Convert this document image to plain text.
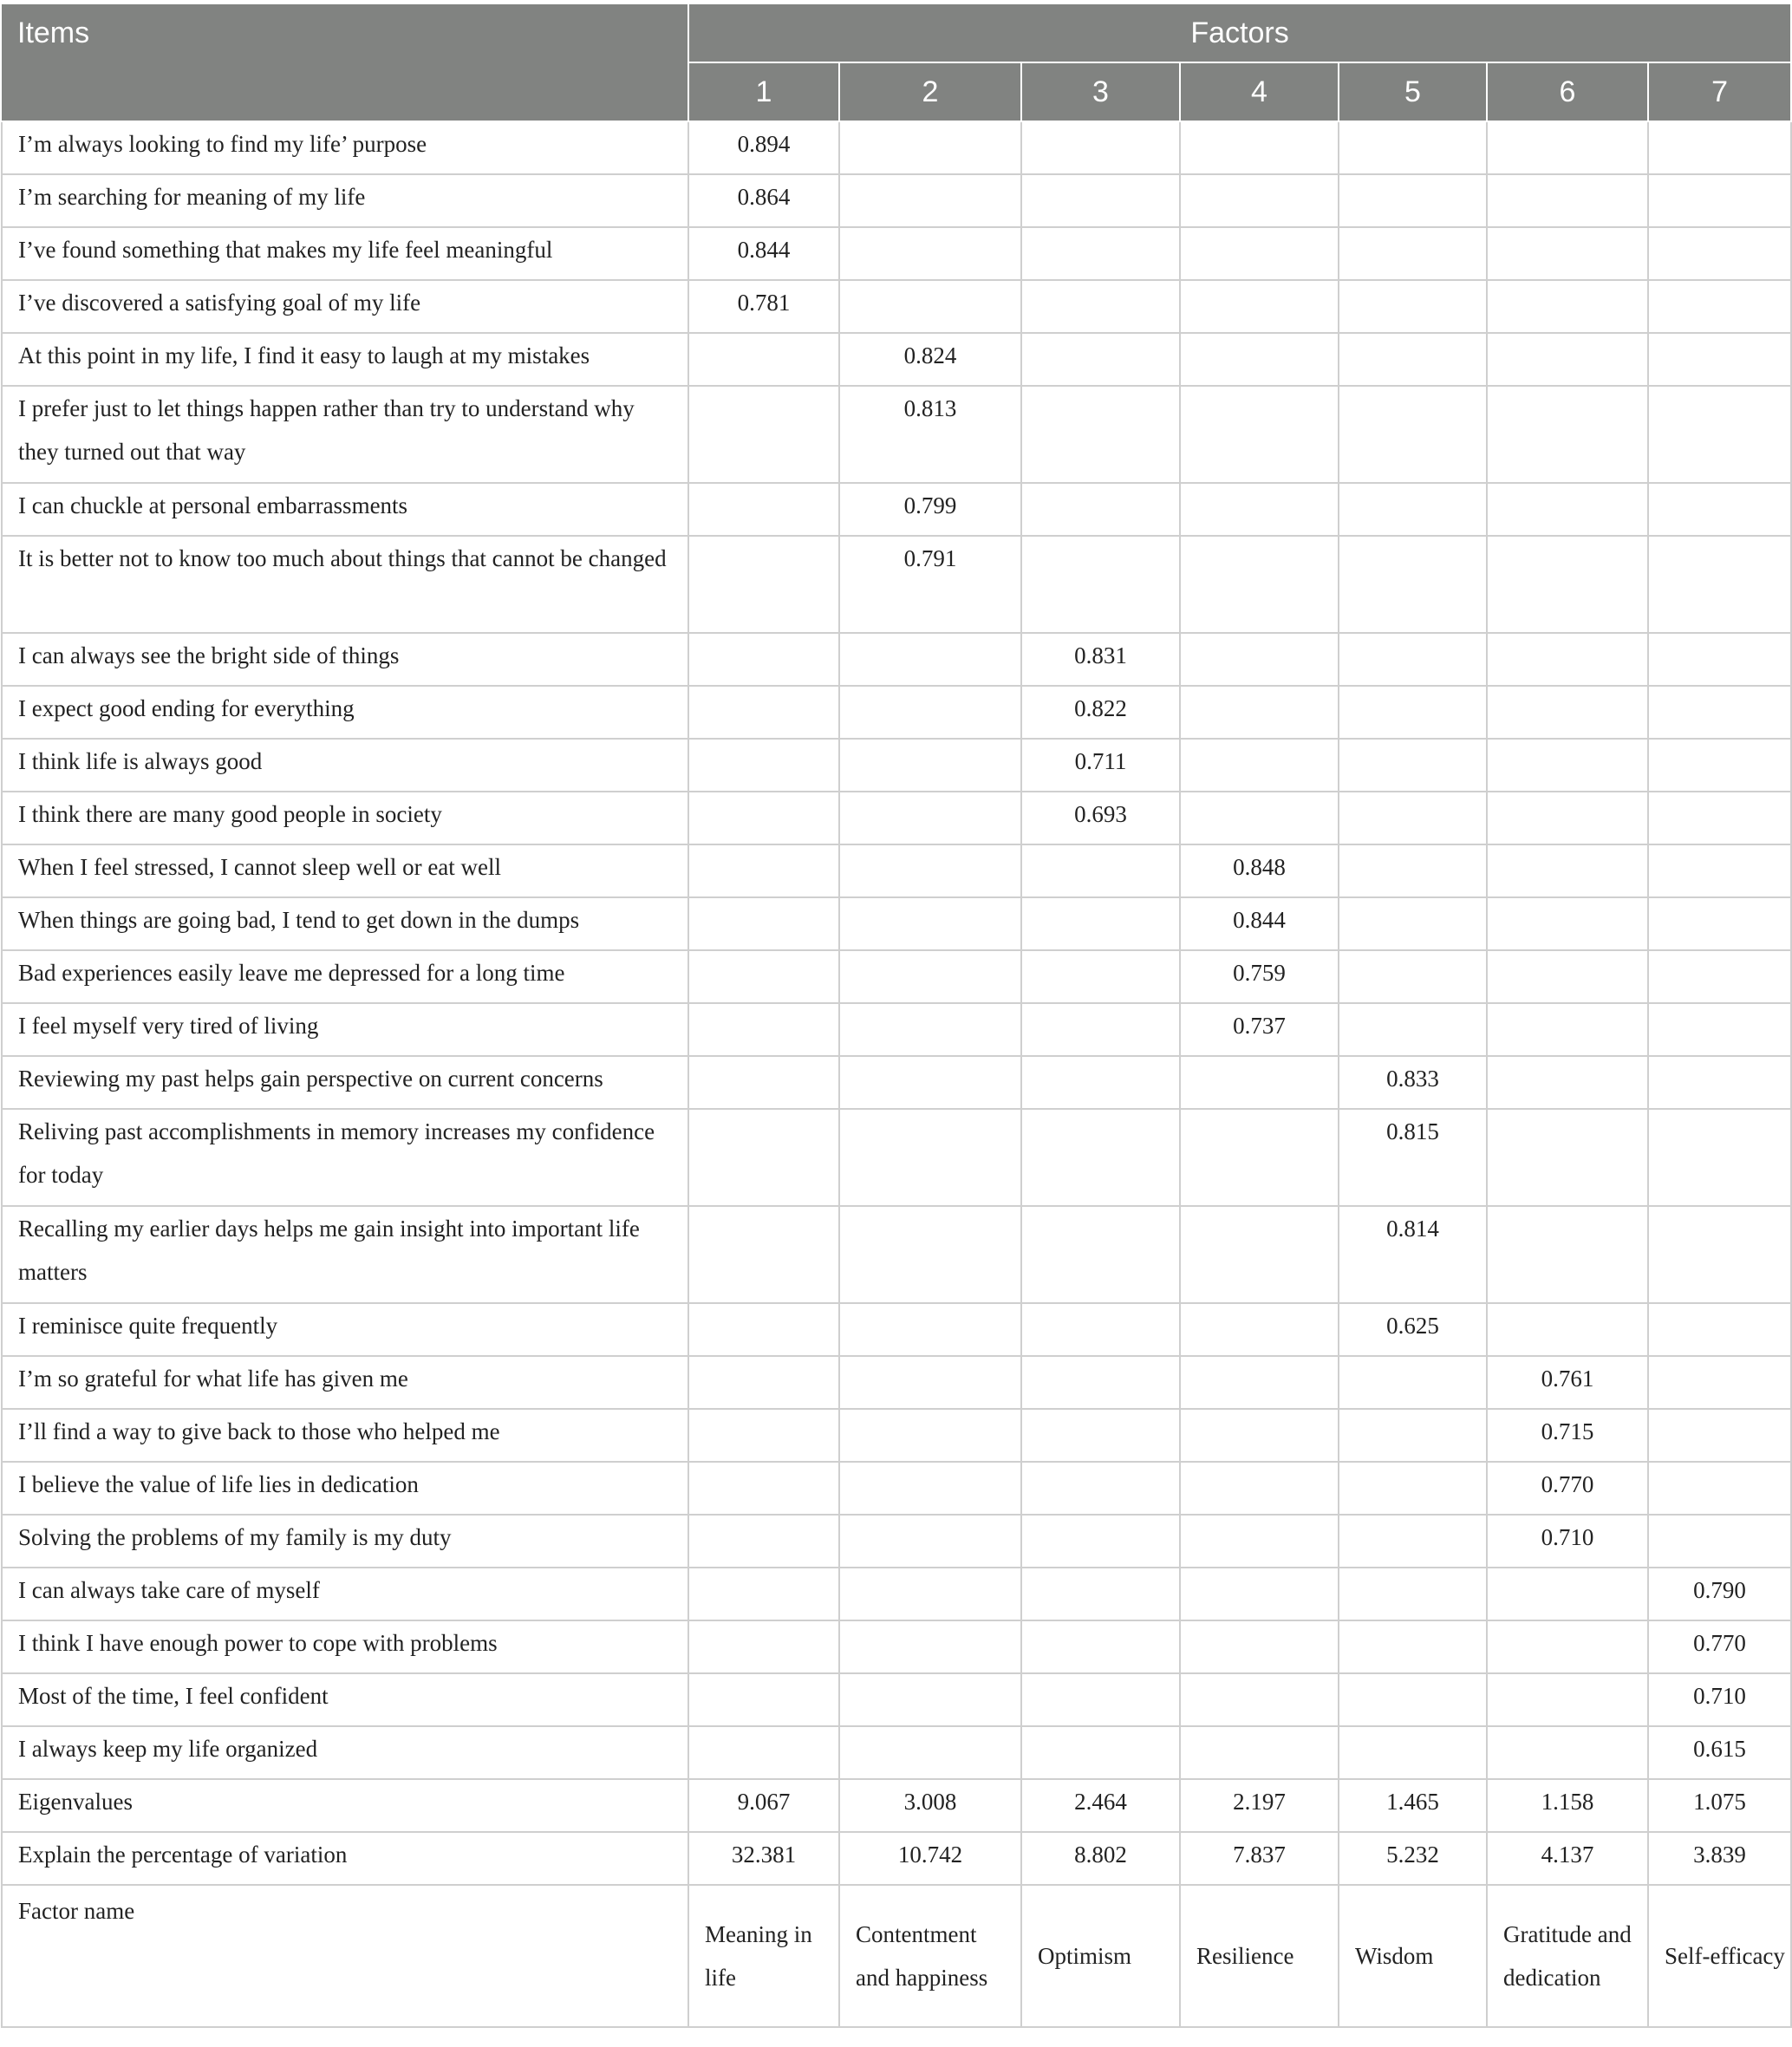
Items	Factors						
	1	2	3	4	5	6	7
I’m always looking to find my life’ purpose	0.894						
I’m searching for meaning of my life	0.864						
I’ve found something that makes my life feel meaningful	0.844						
I’ve discovered a satisfying goal of my life	0.781						
At this point in my life, I find it easy to laugh at my mistakes		0.824					
I prefer just to let things happen rather than try to understand why they turned out that way		0.813					
I can chuckle at personal embarrassments		0.799					
It is better not to know too much about things that cannot be changed		0.791					
I can always see the bright side of things			0.831				
I expect good ending for everything			0.822				
I think life is always good			0.711				
I think there are many good people in society			0.693				
When I feel stressed, I cannot sleep well or eat well				0.848			
When things are going bad, I tend to get down in the dumps				0.844			
Bad experiences easily leave me depressed for a long time				0.759			
I feel myself very tired of living				0.737			
Reviewing my past helps gain perspective on current concerns					0.833		
Reliving past accomplishments in memory increases my confidence for today					0.815		
Recalling my earlier days helps me gain insight into important life matters					0.814		
I reminisce quite frequently					0.625		
I’m so grateful for what life has given me						0.761	
I’ll find a way to give back to those who helped me						0.715	
I believe the value of life lies in dedication						0.770	
Solving the problems of my family is my duty						0.710	
I can always take care of myself							0.790
I think I have enough power to cope with problems							0.770
Most of the time, I feel confident							0.710
I always keep my life organized							0.615
Eigenvalues	9.067	3.008	2.464	2.197	1.465	1.158	1.075
Explain the percentage of variation	32.381	10.742	8.802	7.837	5.232	4.137	3.839
Factor name	Meaning in life	Contentment and happiness	Optimism	Resilience	Wisdom	Gratitude and dedication	Self-efficacy
